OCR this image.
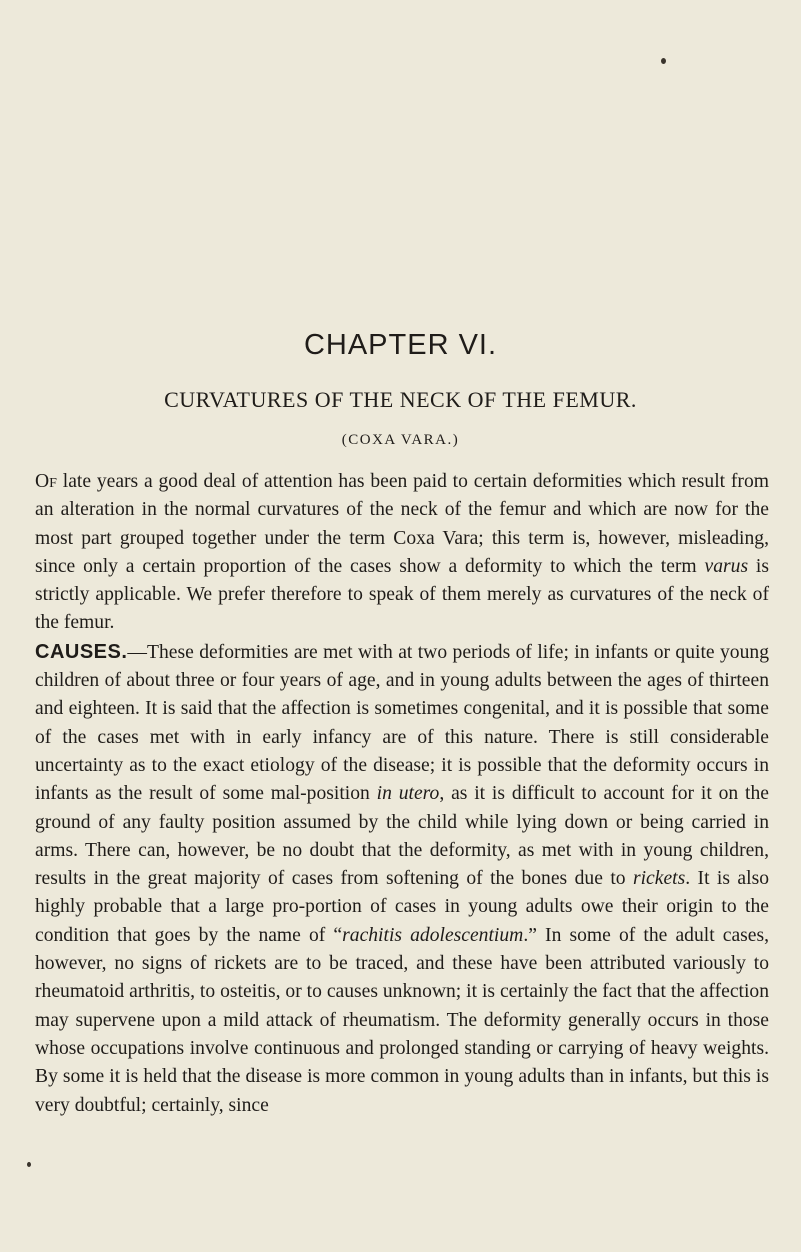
CHAPTER VI.
CURVATURES OF THE NECK OF THE FEMUR.
(COXA VARA.)

Of late years a good deal of attention has been paid to certain deformities which result from an alteration in the normal curvatures of the neck of the femur and which are now for the most part grouped together under the term Coxa Vara; this term is, however, misleading, since only a certain proportion of the cases show a deformity to which the term varus is strictly applicable. We prefer therefore to speak of them merely as curvatures of the neck of the femur.

CAUSES.—These deformities are met with at two periods of life; in infants or quite young children of about three or four years of age, and in young adults between the ages of thirteen and eighteen. It is said that the affection is sometimes congenital, and it is possible that some of the cases met with in early infancy are of this nature. There is still considerable uncertainty as to the exact etiology of the disease; it is possible that the deformity occurs in infants as the result of some mal-position in utero, as it is difficult to account for it on the ground of any faulty position assumed by the child while lying down or being carried in arms. There can, however, be no doubt that the deformity, as met with in young children, results in the great majority of cases from softening of the bones due to rickets. It is also highly probable that a large pro-portion of cases in young adults owe their origin to the condition that goes by the name of “rachitis adolescentium.” In some of the adult cases, however, no signs of rickets are to be traced, and these have been attributed variously to rheumatoid arthritis, to osteitis, or to causes unknown; it is certainly the fact that the affection may supervene upon a mild attack of rheumatism. The deformity generally occurs in those whose occupations involve continuous and prolonged standing or carrying of heavy weights. By some it is held that the disease is more common in young adults than in infants, but this is very doubtful; certainly, since
